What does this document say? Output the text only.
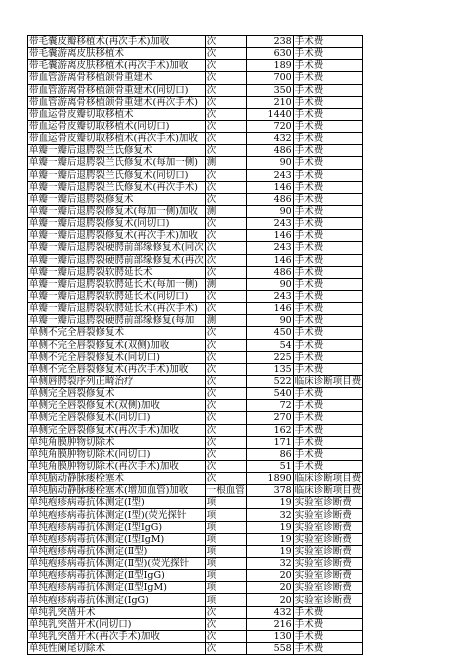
带毛囊皮瓣移植术(再次手术)加收	次	238	手术费
带毛囊游离皮肤移植术	次	630	手术费
带毛囊游离皮肤移植术(再次手术)加收	次	189	手术费
带血管游离骨移植颌骨重建术	次	700	手术费
带血管游离骨移植颌骨重建术(同切口)	次	350	手术费
带血管游离骨移植颌骨重建术(再次手术)	次	210	手术费
带血运骨皮瓣切取移植术	次	1440	手术费
带血运骨皮瓣切取移植术(同切口)	次	720	手术费
带血运骨皮瓣切取移植术(再次手术)加收	次	432	手术费
单瓣一瓣后退腭裂兰氏修复术	次	486	手术费
单瓣一瓣后退腭裂兰氏修复术(每加一侧)	测	90	手术费
单瓣一瓣后退腭裂兰氏修复术(同切口)	次	243	手术费
单瓣一瓣后退腭裂兰氏修复术(再次手术)	次	146	手术费
单瓣一瓣后退腭裂修复术	次	486	手术费
单瓣一瓣后退腭裂修复术(每加一侧)加收	测	90	手术费
单瓣一瓣后退腭裂修复术(同切口)	次	243	手术费
单瓣一瓣后退腭裂修复术(再次手术)加收	次	146	手术费
单瓣一瓣后退腭裂硬腭前部缘修复术(同次	次	243	手术费
单瓣一瓣后退腭裂硬腭前部缘修复术(再次	次	146	手术费
单瓣一瓣后退腭裂软腭延长术	次	486	手术费
单瓣一瓣后退腭裂软腭延长术(每加一侧)	测	90	手术费
单瓣一瓣后退腭裂软腭延长术(同切口)	次	243	手术费
单瓣一瓣后退腭裂软腭延长术(再次手术)	次	146	手术费
单瓣一瓣后退腭裂硬腭前部缘修复(每加	测	90	手术费
单侧不完全唇裂修复术	次	450	手术费
单侧不完全唇裂修复术(双侧)加收	次	54	手术费
单侧不完全唇裂修复术(同切口)	次	225	手术费
单侧不完全唇裂修复术(再次手术)加收	次	135	手术费
单侧唇腭裂序列正畸治疗	次	522	临床诊断项目费
单侧完全唇裂修复术	次	540	手术费
单侧完全唇裂修复术(双侧)加收	次	72	手术费
单侧完全唇裂修复术(同切口)	次	270	手术费
单侧完全唇裂修复术(再次手术)加收	次	162	手术费
单纯角膜肿物切除术	次	171	手术费
单纯角膜肿物切除术(同切口)	次	86	手术费
单纯角膜肿物切除术(再次手术)加收	次	51	手术费
单纯脑动静脉瘘栓塞术	次	1890	临床诊断项目费
单纯脑动静脉瘘栓塞术(增加血管)加收	一根血管	378	临床诊断项目费
单纯疱疹病毒抗体测定(Ⅰ型)	项	19	实验室诊断费
单纯疱疹病毒抗体测定(Ⅰ型)(荧光探针	项	32	实验室诊断费
单纯疱疹病毒抗体测定(Ⅰ型IgG)	项	19	实验室诊断费
单纯疱疹病毒抗体测定(Ⅰ型IgM)	项	19	实验室诊断费
单纯疱疹病毒抗体测定(Ⅱ型)	项	19	实验室诊断费
单纯疱疹病毒抗体测定(Ⅱ型)(荧光探针	项	32	实验室诊断费
单纯疱疹病毒抗体测定(Ⅱ型IgG)	项	20	实验室诊断费
单纯疱疹病毒抗体测定(Ⅱ型IgM)	项	20	实验室诊断费
单纯疱疹病毒抗体测定(IgG)	项	20	实验室诊断费
单纯乳突凿开术	次	432	手术费
单纯乳突凿开术(同切口)	次	216	手术费
单纯乳突凿开术(再次手术)加收	次	130	手术费
单纯性阑尾切除术	次	558	手术费
